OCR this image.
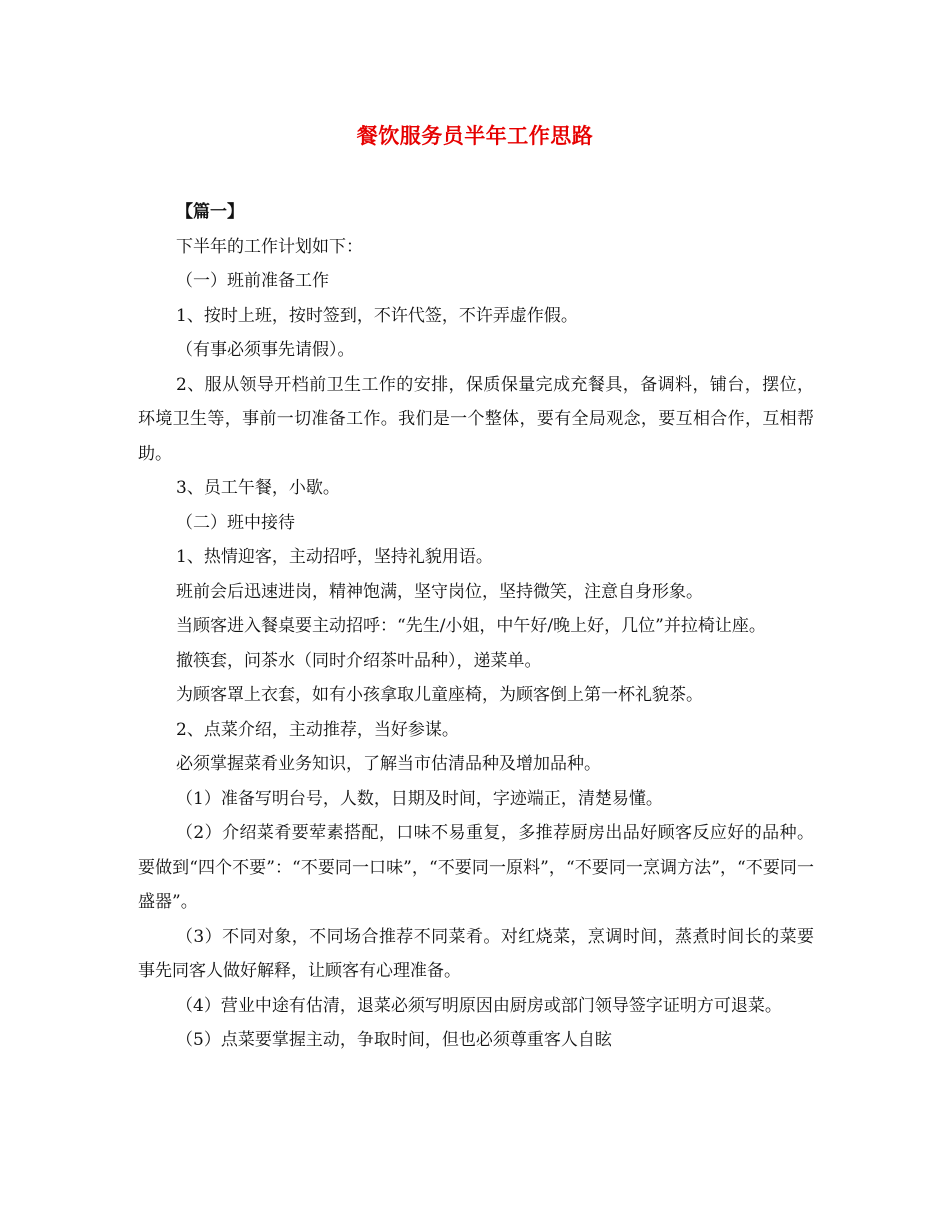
餐饮服务员半年工作思路

【篇一】

下半年的工作计划如下：

（一）班前准备工作

1、按时上班，按时签到，不许代签，不许弄虚作假。

（有事必须事先请假）。

2、服从领导开档前卫生工作的安排，保质保量完成充餐具，备调料，铺台，摆位，环境卫生等，事前一切准备工作。我们是一个整体，要有全局观念，要互相合作，互相帮助。

3、员工午餐，小歇。

（二）班中接待

1、热情迎客，主动招呼，坚持礼貌用语。

班前会后迅速进岗，精神饱满，坚守岗位，坚持微笑，注意自身形象。

当顾客进入餐桌要主动招呼：“先生/小姐，中午好/晚上好，几位”并拉椅让座。

撤筷套，问茶水（同时介绍茶叶品种），递菜单。

为顾客罩上衣套，如有小孩拿取儿童座椅，为顾客倒上第一杯礼貌茶。

2、点菜介绍，主动推荐，当好参谋。

必须掌握菜肴业务知识，了解当市估清品种及增加品种。

（1）准备写明台号，人数，日期及时间，字迹端正，清楚易懂。

（2）介绍菜肴要荤素搭配，口味不易重复，多推荐厨房出品好顾客反应好的品种。要做到“四个不要”：“不要同一口味”，“不要同一原料”，“不要同一烹调方法”，“不要同一盛器”。

（3）不同对象，不同场合推荐不同菜肴。对红烧菜，烹调时间，蒸煮时间长的菜要事先同客人做好解释，让顾客有心理准备。

（4）营业中途有估清，退菜必须写明原因由厨房或部门领导签字证明方可退菜。

（5）点菜要掌握主动，争取时间，但也必须尊重客人自眩
